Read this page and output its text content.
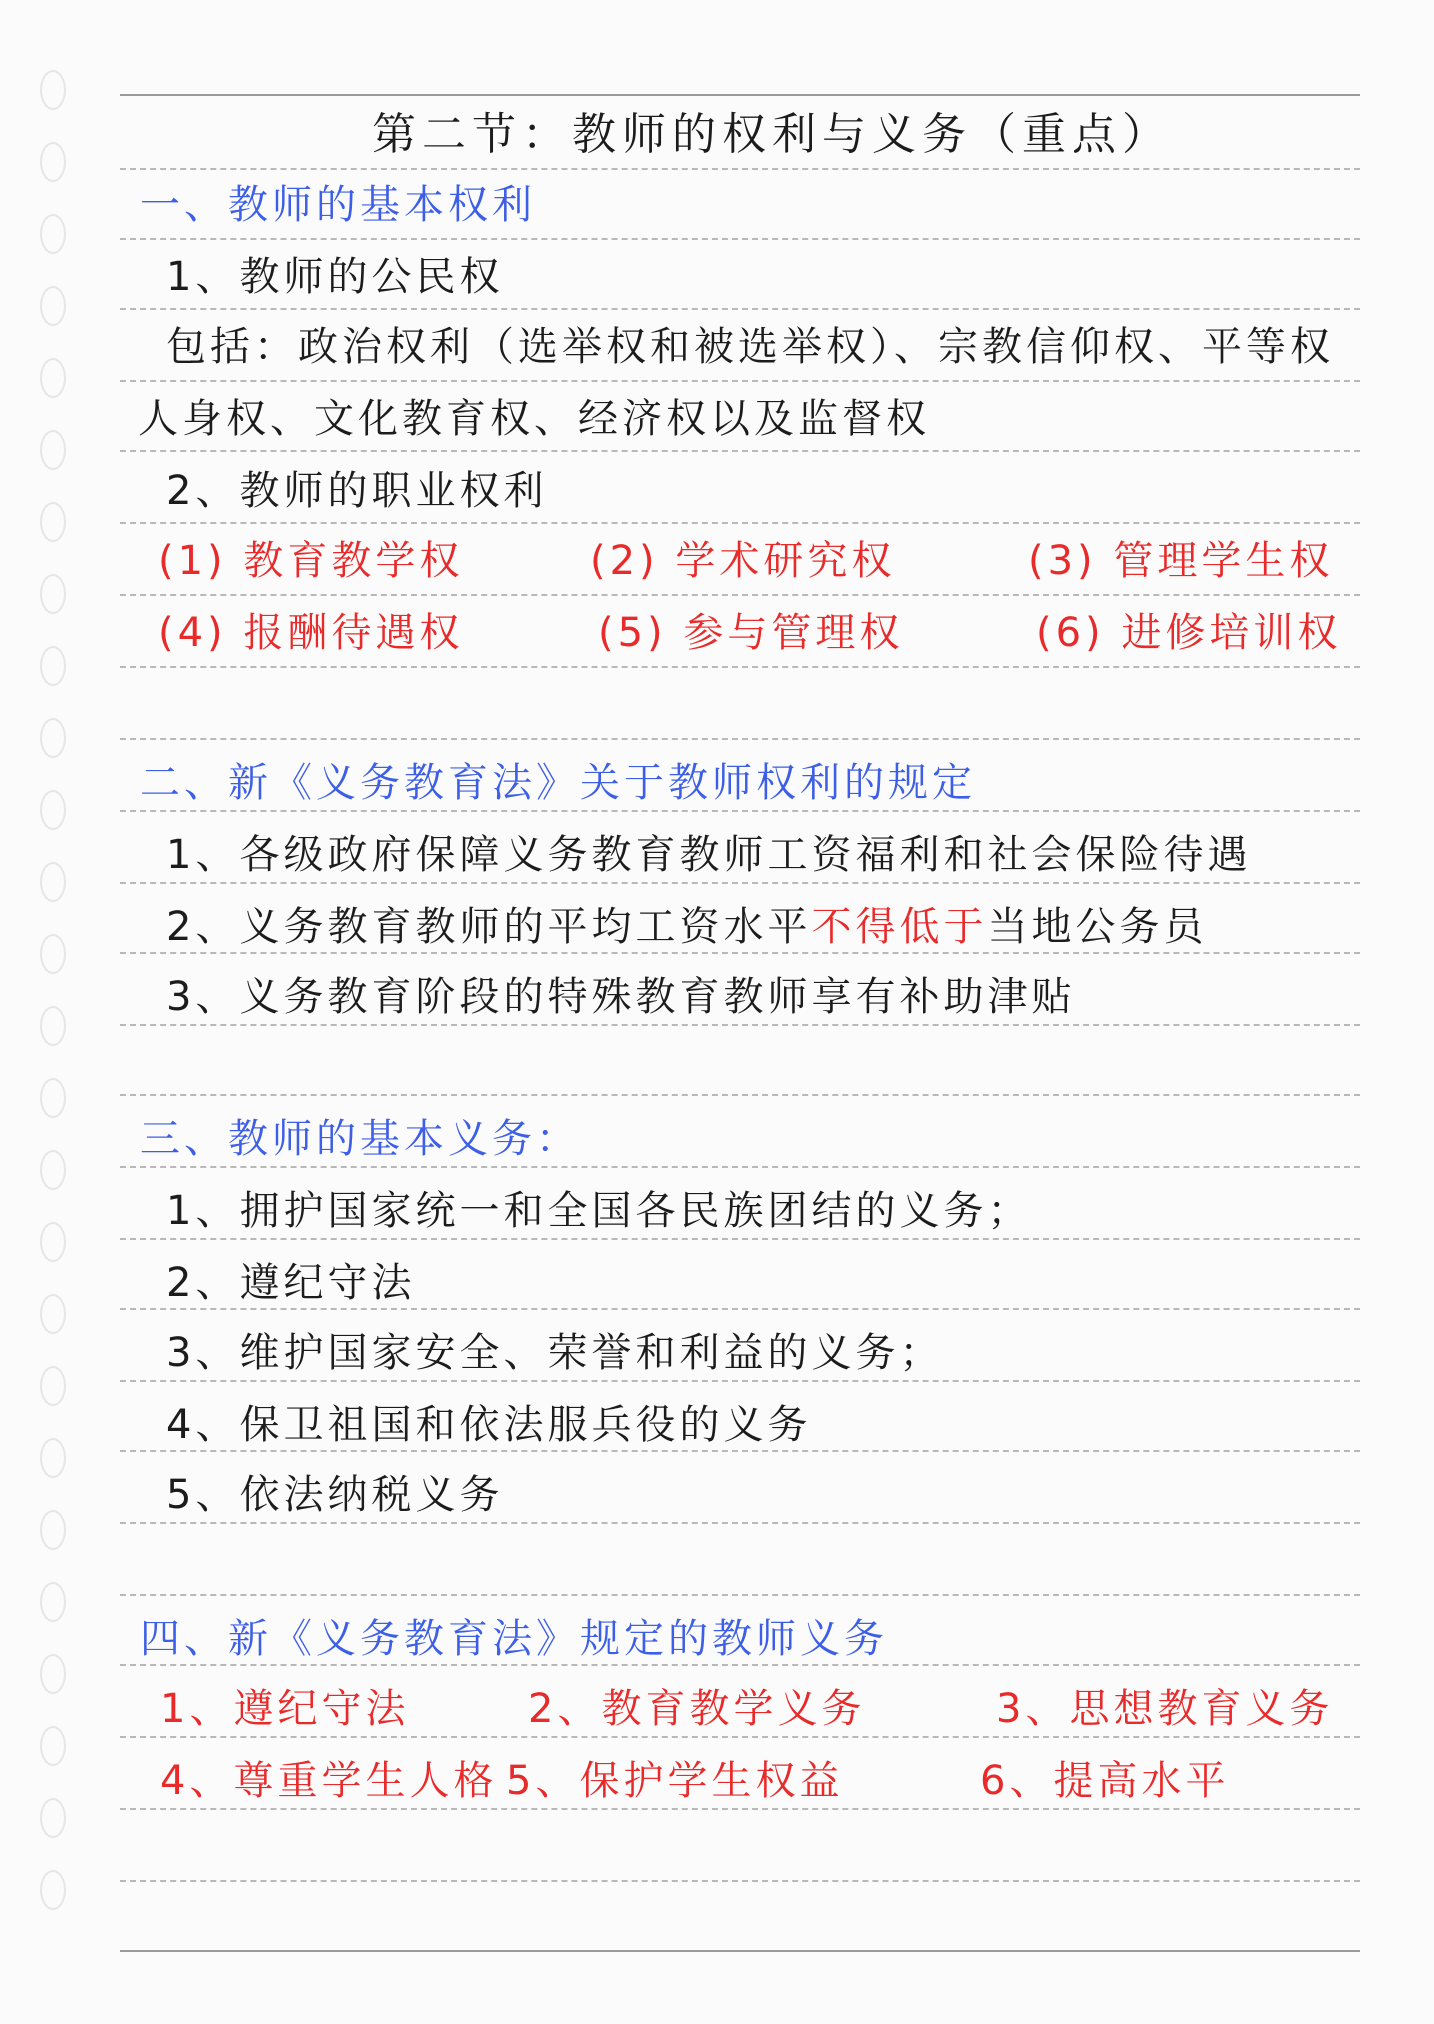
第二节：教师的权利与义务（重点）
一、教师的基本权利
1、教师的公民权
包括：政治权利（选举权和被选举权）、宗教信仰权、平等权
人身权、文化教育权、经济权以及监督权
2、教师的职业权利
(1) 教育教学权	(2) 学术研究权	(3) 管理学生权
(4) 报酬待遇权	(5) 参与管理权	(6) 进修培训权
二、新《义务教育法》关于教师权利的规定
1、各级政府保障义务教育教师工资福利和社会保险待遇
2、义务教育教师的平均工资水平不得低于当地公务员
3、义务教育阶段的特殊教育教师享有补助津贴
三、教师的基本义务：
1、拥护国家统一和全国各民族团结的义务；
2、遵纪守法
3、维护国家安全、荣誉和利益的义务；
4、保卫祖国和依法服兵役的义务
5、依法纳税义务
四、新《义务教育法》规定的教师义务
1、遵纪守法	2、教育教学义务	3、思想教育义务
4、尊重学生人格 5、保护学生权益	6、提高水平
